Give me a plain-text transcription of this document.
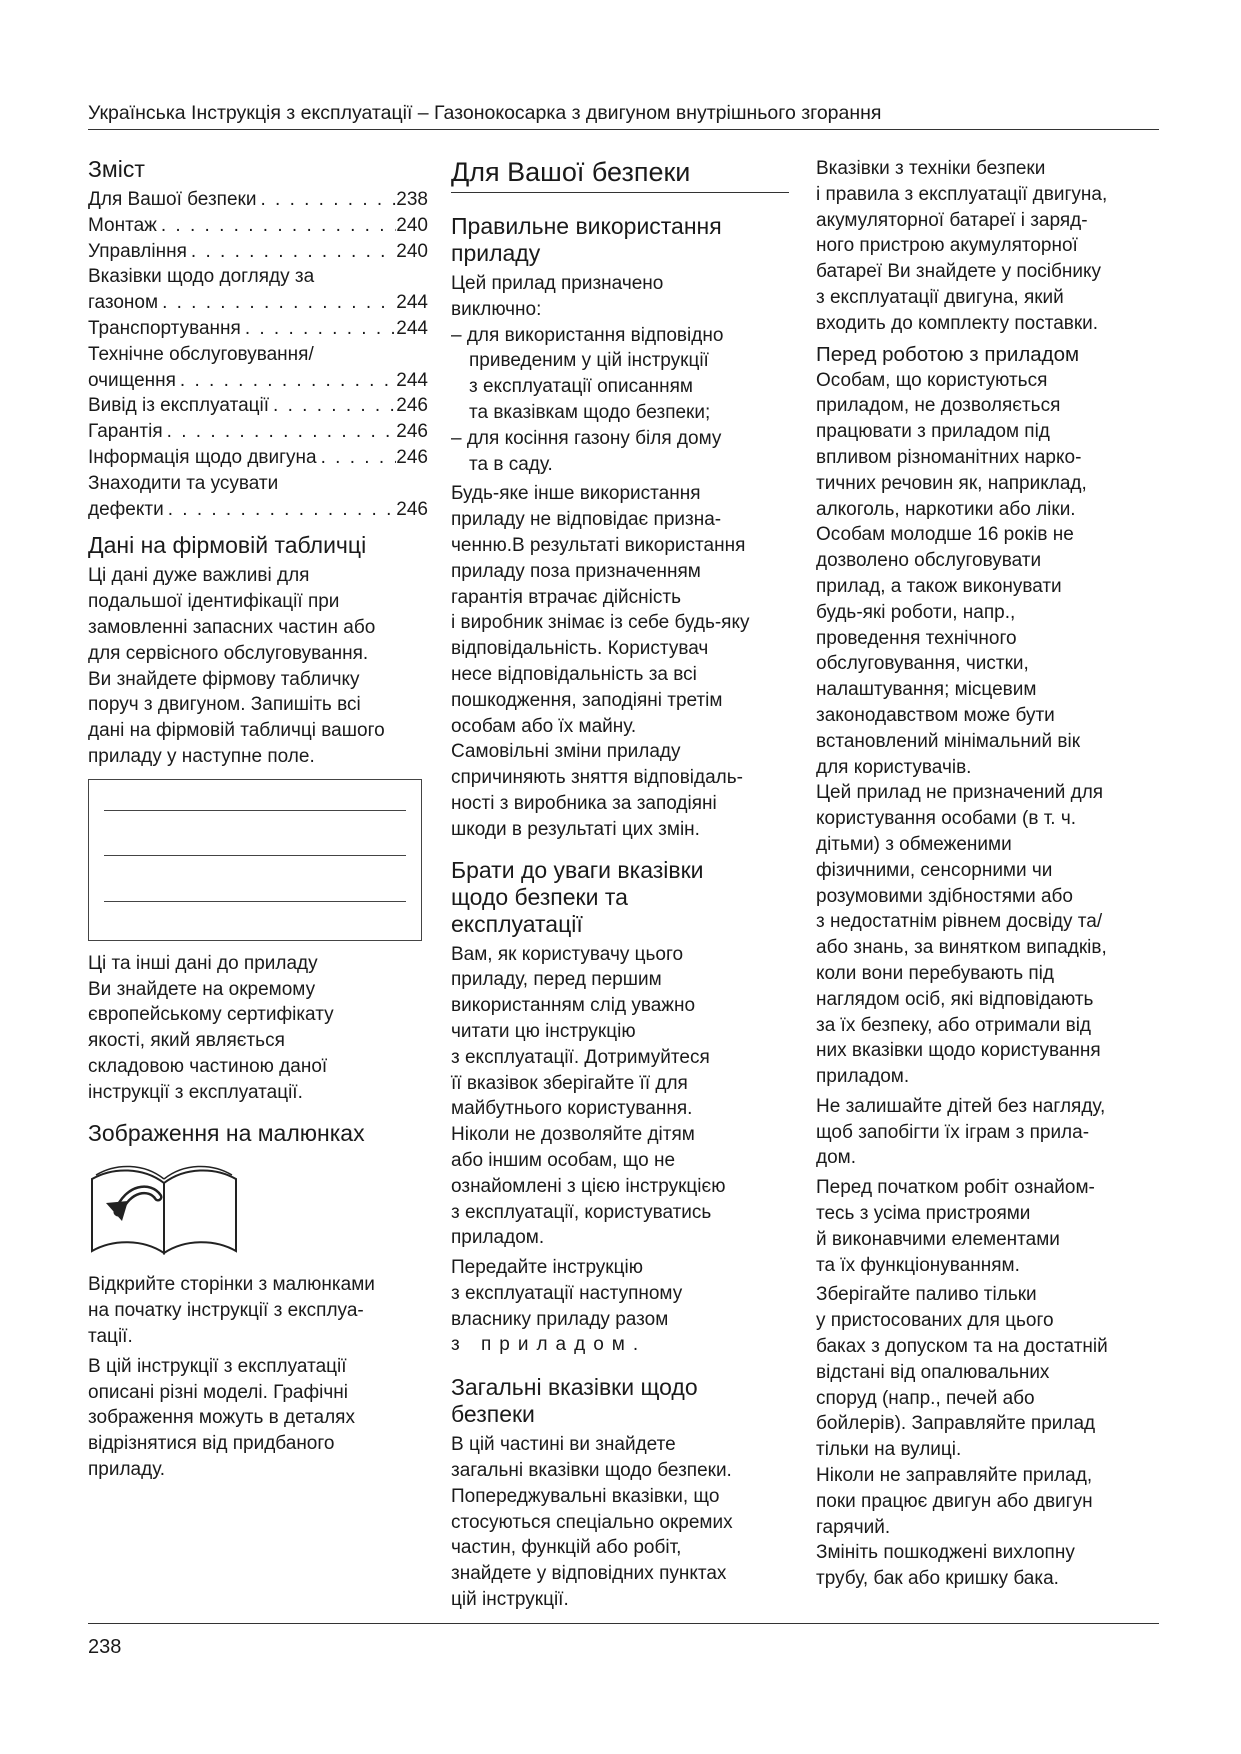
Українська Інструкція з експлуатації – Газонокосарка з двигуном внутрішнього згорання
Зміст
Для Вашої безпеки . . .	238
Монтаж . . .	240
Управління . . .	240
Вказівки щодо догляду за
газоном . . .	244
Транспортування . . .	244
Технічне обслуговування/
очищення . . .	244
Вивід із експлуатації . . .	246
Гарантія . . .	246
Інформація щодо двигуна . . .	246
Знаходити та усувати
дефекти . . .	246
Дані на фірмовій табличці

Ці дані дуже важливі для
подальшої ідентифікації при
замовленні запасних частин або
для сервісного обслуговування.
Ви знайдете фірмову табличку
поруч з двигуном. Запишіть всі
дані на фірмовій табличці вашого
приладу у наступне поле.

Ці та інші дані до приладу
Ви знайдете на окремому
європейському сертифікату
якості, який являється
складовою частиною даної
інструкції з експлуатації.

Зображення на малюнках

Відкрийте сторінки з малюнками
на початку інструкції з експлуа-
тації.

В цій інструкції з експлуатації
описані різні моделі. Графічні
зображення можуть в деталях
відрізнятися від придбаного
приладу.

Для Вашої безпеки
Правильне використання
приладу

Цей прилад призначено
виключно:

– для використання відповідно
приведеним у цій інструкції
з експлуатації описанням
та вказівкам щодо безпеки;
– для косіння газону біля дому
та в саду.

Будь-яке інше використання
приладу не відповідає призна-
ченню.В результаті використання
приладу поза призначенням
гарантія втрачає дійсність
і виробник знімає із себе будь-яку
відповідальність. Користувач
несе відповідальність за всі
пошкодження, заподіяні третім
особам або їх майну.

Самовільні зміни приладу
спричиняють зняття відповідаль-
ності з виробника за заподіяні
шкоди в результаті цих змін.

Брати до уваги вказівки
щодо безпеки та
експлуатації

Вам, як користувачу цього
приладу, перед першим
використанням слід уважно
читати цю інструкцію
з експлуатації. Дотримуйтеся
її вказівок зберігайте її для
майбутнього користування.
Ніколи не дозволяйте дітям
або іншим особам, що не
ознайомлені з цією інструкцією
з експлуатації, користуватись
приладом.

Передайте інструкцію
з експлуатації наступному
власнику приладу разом

з приладом.

Загальні вказівки щодо
безпеки

В цій частині ви знайдете
загальні вказівки щодо безпеки.
Попереджувальні вказівки, що
стосуються спеціально окремих
частин, функцій або робіт,
знайдете у відповідних пунктах
цій інструкції.

Вказівки з техніки безпеки
і правила з експлуатації двигуна,
акумуляторної батареї і заряд-
ного пристрою акумуляторної
батареї Ви знайдете у посібнику
з експлуатації двигуна, який
входить до комплекту поставки.

Перед роботою з приладом

Особам, що користуються
приладом, не дозволяється
працювати з приладом під
впливом різноманітних нарко-
тичних речовин як, наприклад,
алкоголь, наркотики або ліки.
Особам молодше 16 років не
дозволено обслуговувати
прилад, а також виконувати
будь-які роботи, напр.,
проведення технічного
обслуговування, чистки,
налаштування; місцевим
законодавством може бути
встановлений мінімальний вік
для користувачів.

Цей прилад не призначений для
користування особами (в т. ч.
дітьми) з обмеженими
фізичними, сенсорними чи
розумовими здібностями або
з недостатнім рівнем досвіду та/
або знань, за винятком випадків,
коли вони перебувають під
наглядом осіб, які відповідають
за їх безпеку, або отримали від
них вказівки щодо користування
приладом.

Не залишайте дітей без нагляду,
щоб запобігти їх іграм з прила-
дом.

Перед початком робіт ознайом-
тесь з усіма пристроями
й виконавчими елементами
та їх функціонуванням.

Зберігайте паливо тільки
у пристосованих для цього
баках з допуском та на достатній
відстані від опалювальних
споруд (напр., печей або
бойлерів). Заправляйте прилад
тільки на вулиці.

Ніколи не заправляйте прилад,
поки працює двигун або двигун
гарячий.

Змініть пошкоджені вихлопну
трубу, бак або кришку бака.

238
